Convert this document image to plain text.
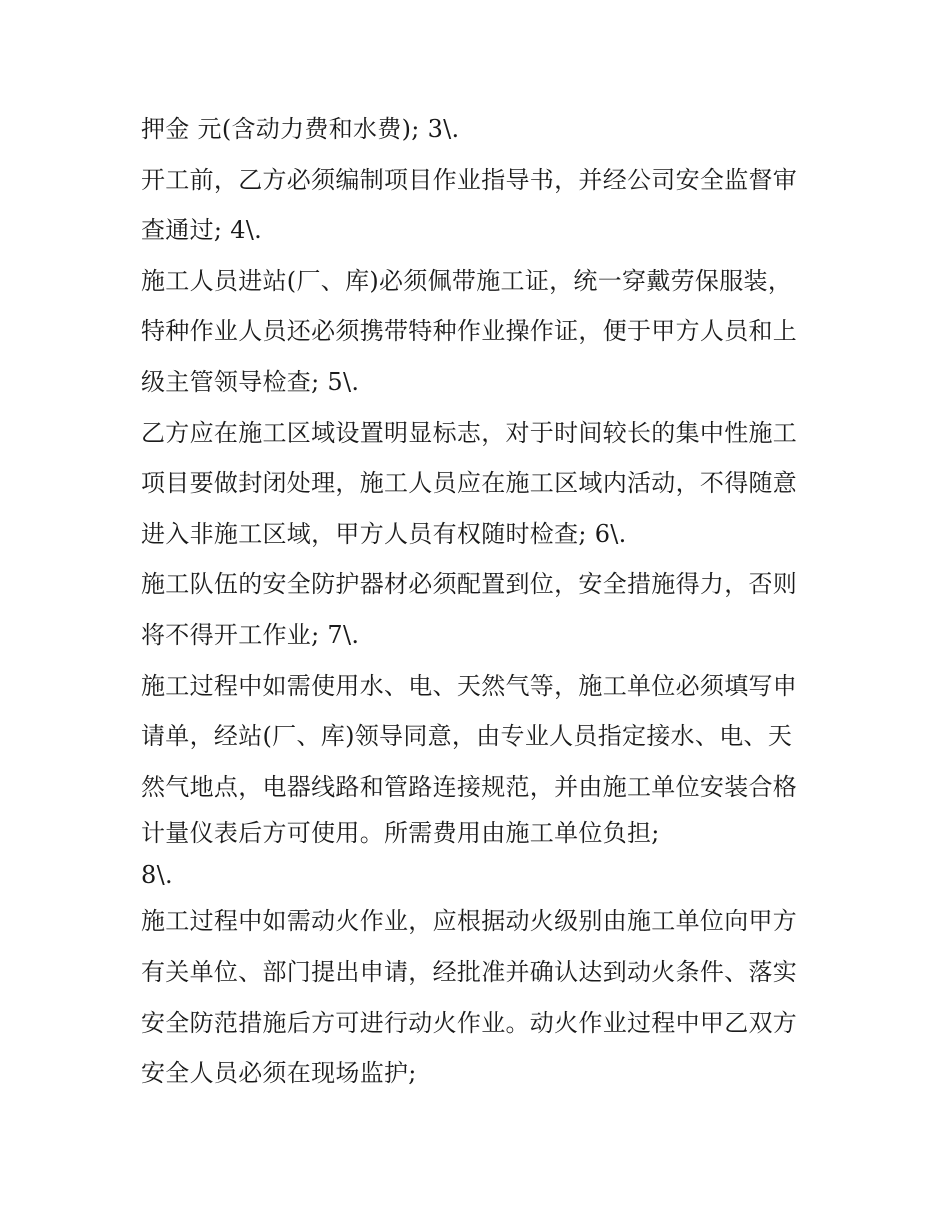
押金 元(含动力费和水费); 3\.
开工前，乙方必须编制项目作业指导书，并经公司安全监督审
查通过; 4\.
施工人员进站(厂、库)必须佩带施工证，统一穿戴劳保服装，
特种作业人员还必须携带特种作业操作证，便于甲方人员和上
级主管领导检查; 5\.
乙方应在施工区域设置明显标志，对于时间较长的集中性施工
项目要做封闭处理，施工人员应在施工区域内活动，不得随意
进入非施工区域，甲方人员有权随时检查; 6\.
施工队伍的安全防护器材必须配置到位，安全措施得力，否则
将不得开工作业; 7\.
施工过程中如需使用水、电、天然气等，施工单位必须填写申
请单，经站(厂、库)领导同意，由专业人员指定接水、电、天
然气地点，电器线路和管路连接规范，并由施工单位安装合格
计量仪表后方可使用。所需费用由施工单位负担;
8\.
施工过程中如需动火作业，应根据动火级别由施工单位向甲方
有关单位、部门提出申请，经批准并确认达到动火条件、落实
安全防范措施后方可进行动火作业。动火作业过程中甲乙双方
安全人员必须在现场监护;
